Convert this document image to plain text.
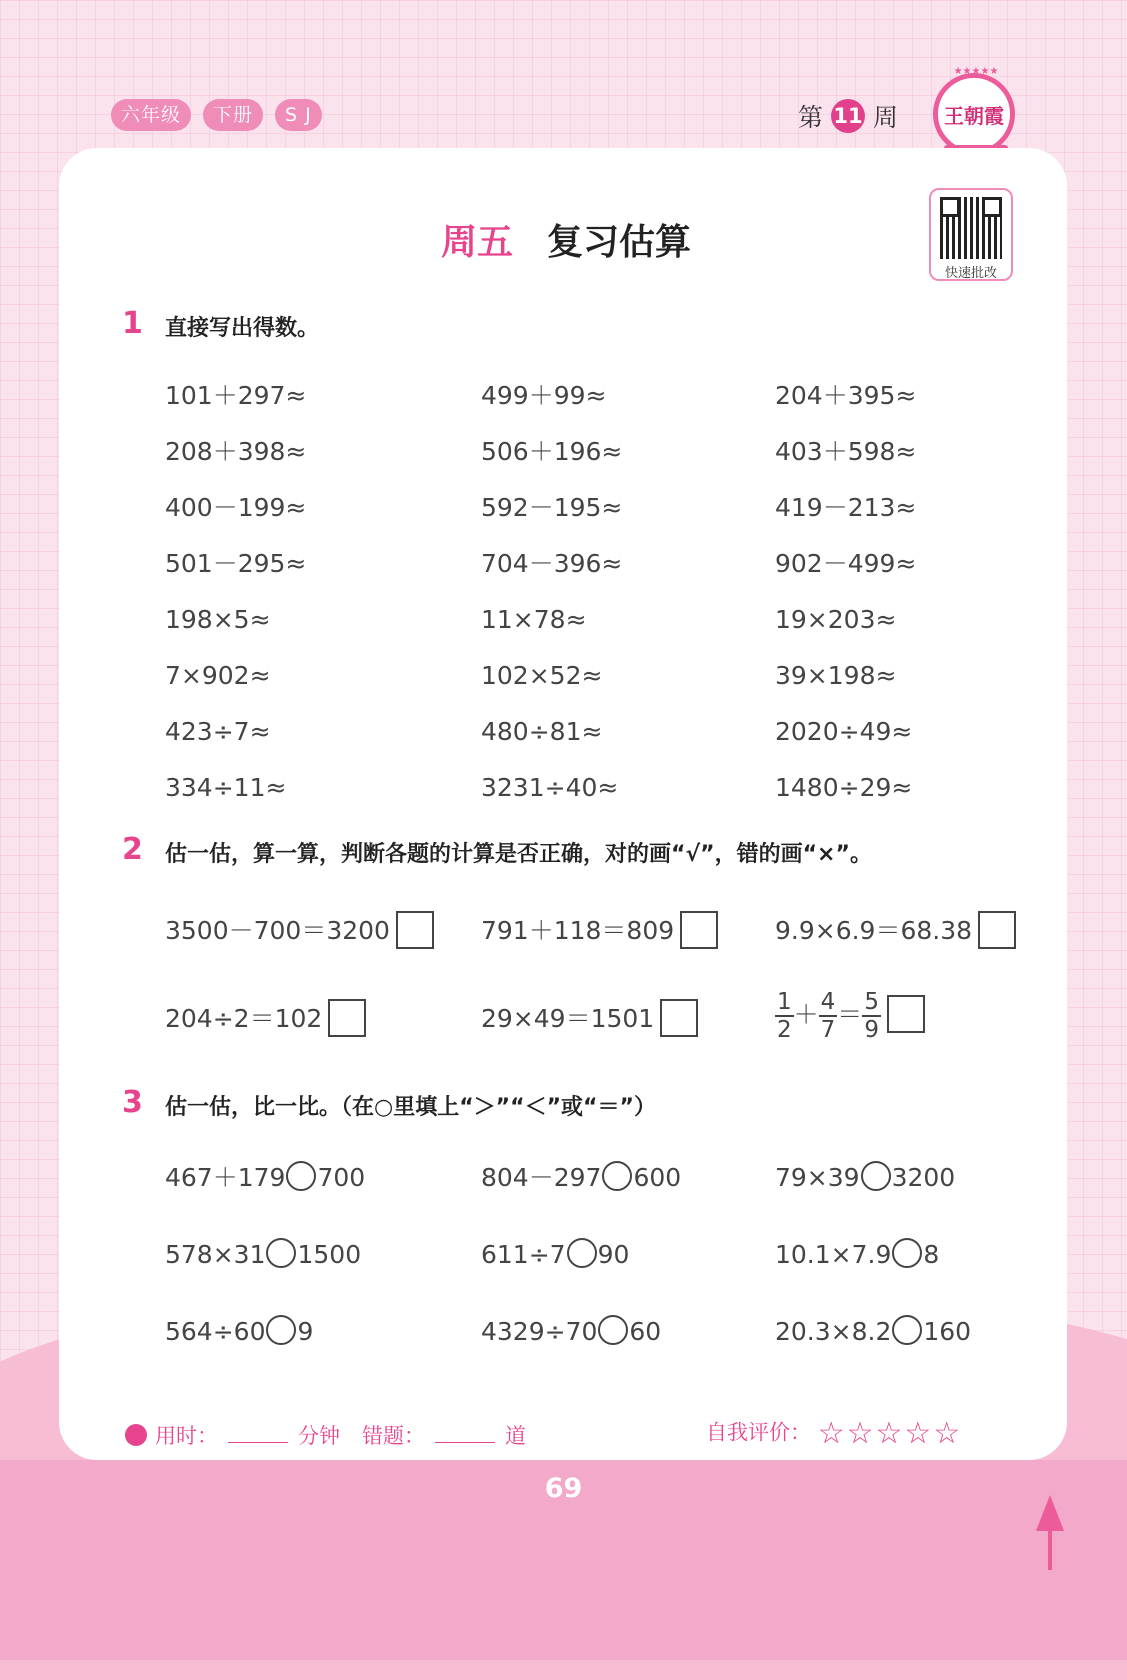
六年级	下册	S J	第 11 周
★★★★★
王朝霞
周五 复习估算
快速批改
1 直接写出得数。
101＋297≈	499＋99≈	204＋395≈
208＋398≈	506＋196≈	403＋598≈
400－199≈	592－195≈	419－213≈
501－295≈	704－396≈	902－499≈
198×5≈	11×78≈	19×203≈
7×902≈	102×52≈	39×198≈
423÷7≈	480÷81≈	2020÷49≈
334÷11≈	3231÷40≈	1480÷29≈
2 估一估，算一算，判断各题的计算是否正确，对的画“√”，错的画“×”。
3500－700＝3200	791＋118＝809	9.9×6.9＝68.38
204÷2＝102	29×49＝1501	$\frac{1}{2} + \frac{4}{7} = \frac{5}{9}$
3 估一估，比一比。（在○里填上“＞”“＜”或“＝”）
467＋179 700	804－297 600	79×39 3200
578×31 1500	611÷7 90	10.1×7.9 8
564÷60 9	4329÷70 60	20.3×8.2 160
用时：	分钟 错题：	道	自我评价： ☆☆☆☆☆
69
